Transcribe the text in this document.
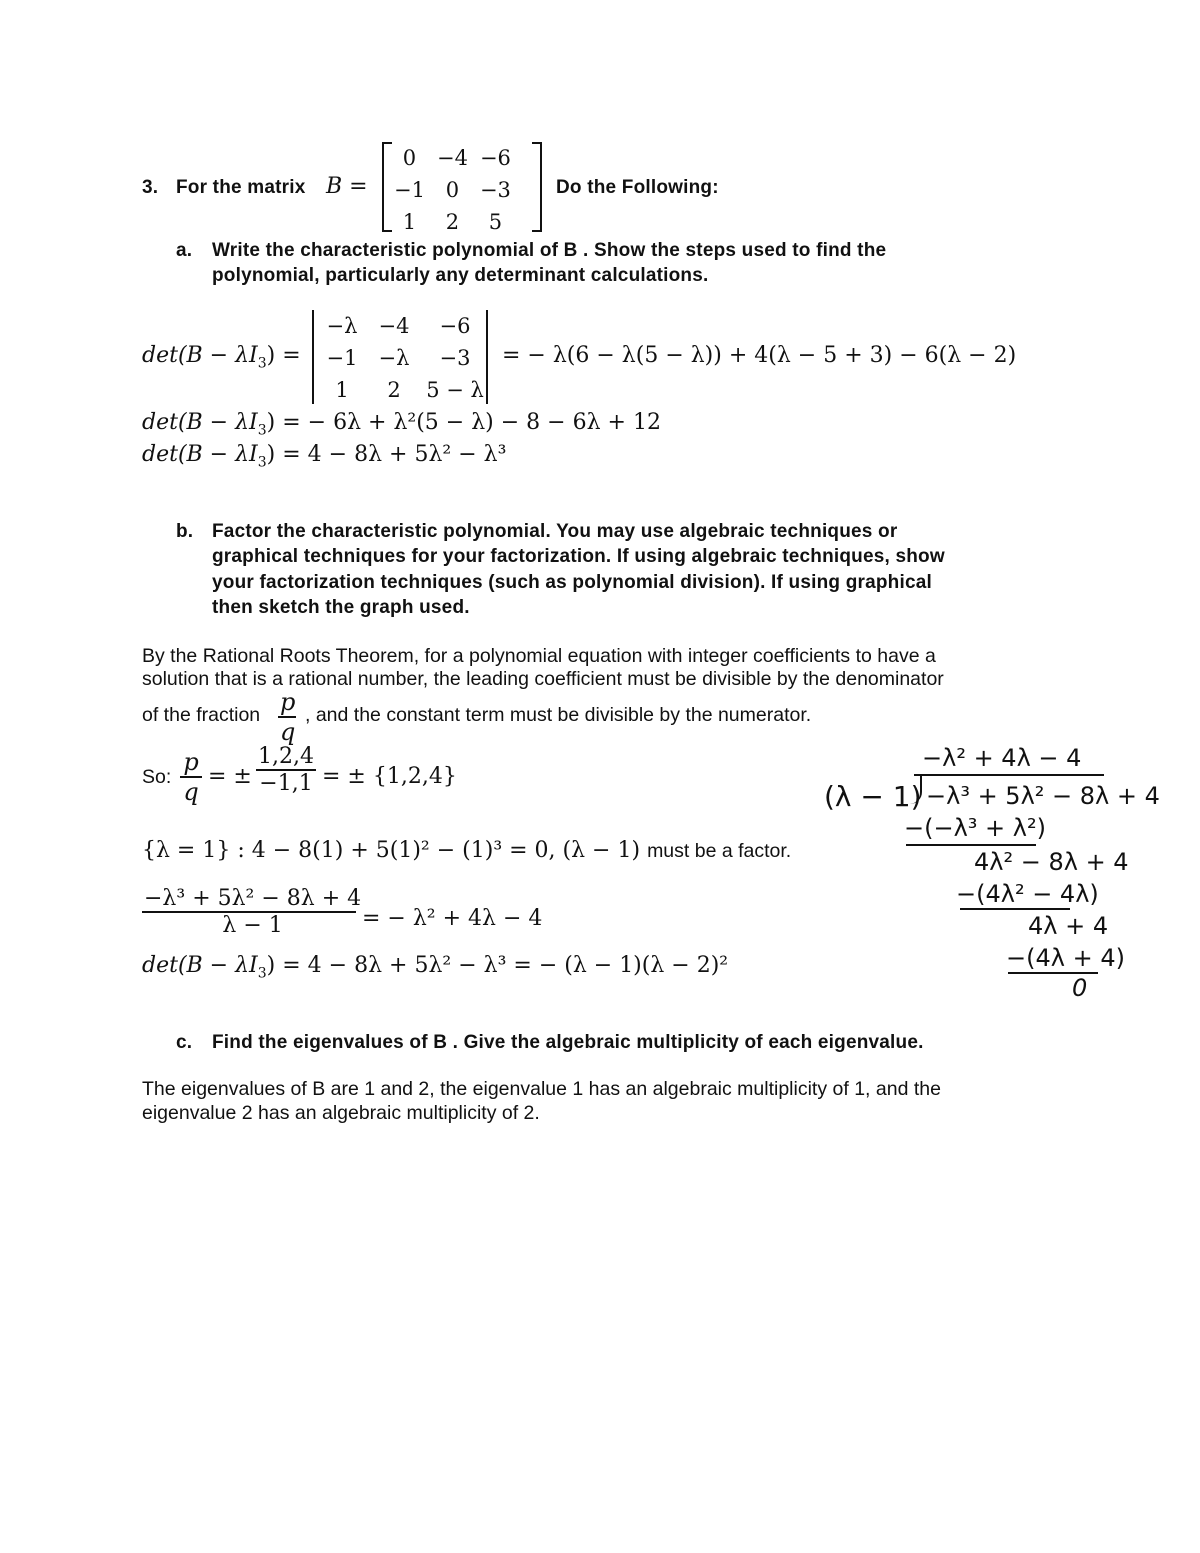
3. For the matrix B =
0	−4	−6
−1	0	−3
1	2	5
Do the Following:
a. Write the characteristic polynomial of B . Show the steps used to find the
polynomial, particularly any determinant calculations.
$\det(B - \lambda I_3)$ =
−λ	−4	−6
−1	−λ	−3
1	2	5 − λ
= − λ(6 − λ(5 − λ)) + 4(λ − 5 + 3) − 6(λ − 2)
$\det(B - \lambda I_3)$ = − 6λ + λ²(5 − λ) − 8 − 6λ + 12
$\det(B - \lambda I_3) = 4 - 8\lambda + 5\lambda^2 - \lambda^3$
b. Factor the characteristic polynomial. You may use algebraic techniques or
graphical techniques for your factorization. If using algebraic techniques, show
your factorization techniques (such as polynomial division). If using graphical
then sketch the graph used.
By the Rational Roots Theorem, for a polynomial equation with integer coefficients to have a
solution that is a rational number, the leading coefficient must be divisible by the denominator
of the fraction $\frac{p}{q}$ , and the constant term must be divisible by the numerator.
So: $\frac{p}{q}$ = ± $\frac{1,2,4}{-1,1}$ = ± {1,2,4}
{λ = 1} : 4 − 8(1) + 5(1)² − (1)³ = 0, (λ − 1) must be a factor.
$\frac{\text{−λ³ + 5λ² − 8λ + 4}}{\lambda - 1}$
= − λ² + 4λ − 4
$\det(B - \lambda I_3) = 4 - 8\lambda + 5\lambda^2 - \lambda^3$ = − (λ − 1)(λ − 2)²
−λ² + 4λ − 4
(λ − 1) −λ³ + 5λ² − 8λ + 4
−(−λ³ + λ²)
4λ² − 8λ + 4
−(4λ² − 4λ)
4λ + 4
−(4λ + 4)
0
c. Find the eigenvalues of B . Give the algebraic multiplicity of each eigenvalue.
The eigenvalues of B are 1 and 2, the eigenvalue 1 has an algebraic multiplicity of 1, and the
eigenvalue 2 has an algebraic multiplicity of 2.
